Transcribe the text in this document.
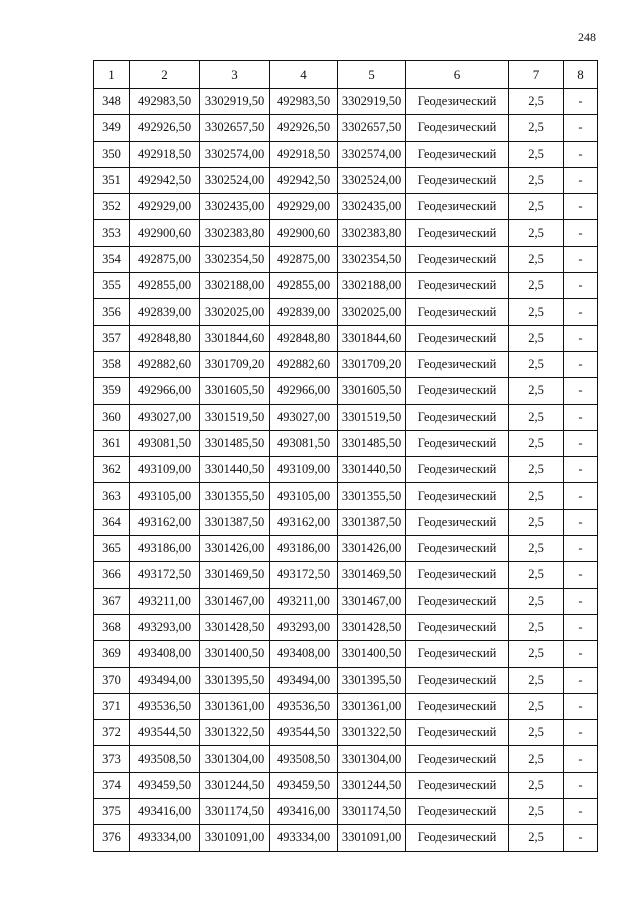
248
1	2	3	4	5	6	7	8
348	492983,50	3302919,50	492983,50	3302919,50	Геодезический	2,5	-
349	492926,50	3302657,50	492926,50	3302657,50	Геодезический	2,5	-
350	492918,50	3302574,00	492918,50	3302574,00	Геодезический	2,5	-
351	492942,50	3302524,00	492942,50	3302524,00	Геодезический	2,5	-
352	492929,00	3302435,00	492929,00	3302435,00	Геодезический	2,5	-
353	492900,60	3302383,80	492900,60	3302383,80	Геодезический	2,5	-
354	492875,00	3302354,50	492875,00	3302354,50	Геодезический	2,5	-
355	492855,00	3302188,00	492855,00	3302188,00	Геодезический	2,5	-
356	492839,00	3302025,00	492839,00	3302025,00	Геодезический	2,5	-
357	492848,80	3301844,60	492848,80	3301844,60	Геодезический	2,5	-
358	492882,60	3301709,20	492882,60	3301709,20	Геодезический	2,5	-
359	492966,00	3301605,50	492966,00	3301605,50	Геодезический	2,5	-
360	493027,00	3301519,50	493027,00	3301519,50	Геодезический	2,5	-
361	493081,50	3301485,50	493081,50	3301485,50	Геодезический	2,5	-
362	493109,00	3301440,50	493109,00	3301440,50	Геодезический	2,5	-
363	493105,00	3301355,50	493105,00	3301355,50	Геодезический	2,5	-
364	493162,00	3301387,50	493162,00	3301387,50	Геодезический	2,5	-
365	493186,00	3301426,00	493186,00	3301426,00	Геодезический	2,5	-
366	493172,50	3301469,50	493172,50	3301469,50	Геодезический	2,5	-
367	493211,00	3301467,00	493211,00	3301467,00	Геодезический	2,5	-
368	493293,00	3301428,50	493293,00	3301428,50	Геодезический	2,5	-
369	493408,00	3301400,50	493408,00	3301400,50	Геодезический	2,5	-
370	493494,00	3301395,50	493494,00	3301395,50	Геодезический	2,5	-
371	493536,50	3301361,00	493536,50	3301361,00	Геодезический	2,5	-
372	493544,50	3301322,50	493544,50	3301322,50	Геодезический	2,5	-
373	493508,50	3301304,00	493508,50	3301304,00	Геодезический	2,5	-
374	493459,50	3301244,50	493459,50	3301244,50	Геодезический	2,5	-
375	493416,00	3301174,50	493416,00	3301174,50	Геодезический	2,5	-
376	493334,00	3301091,00	493334,00	3301091,00	Геодезический	2,5	-
